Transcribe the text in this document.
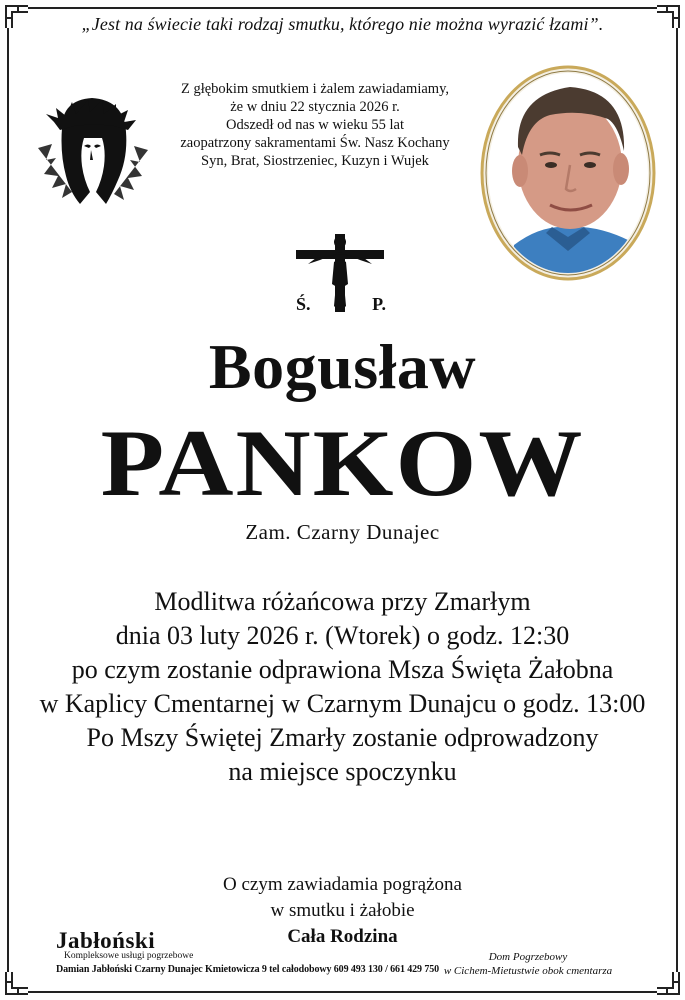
„Jest na świecie taki rodzaj smutku, którego nie można wyrazić łzami”.
Z głębokim smutkiem i żalem zawiadamiamy,
że w dniu 22 stycznia 2026 r.
Odszedł od nas w wieku 55 lat
zaopatrzony sakramentami Św. Nasz Kochany
Syn, Brat, Siostrzeniec, Kuzyn i Wujek
Ś.	P.
Bogusław
PANKOW
Zam. Czarny Dunajec
Modlitwa różańcowa przy Zmarłym
dnia 03 luty 2026 r. (Wtorek) o godz. 12:30
po czym zostanie odprawiona Msza Święta Żałobna
w Kaplicy Cmentarnej w Czarnym Dunajcu o godz. 13:00
Po Mszy Świętej Zmarły zostanie odprowadzony
na miejsce spoczynku
O czym zawiadamia pogrążona
w smutku i żałobie
Cała Rodzina
Jabłoński
Kompleksowe usługi pogrzebowe
Damian Jabłoński Czarny Dunajec Kmietowicza 9 tel całodobowy 609 493 130 / 661 429 750
Dom Pogrzebowy
w Cichem-Mietustwie obok cmentarza
